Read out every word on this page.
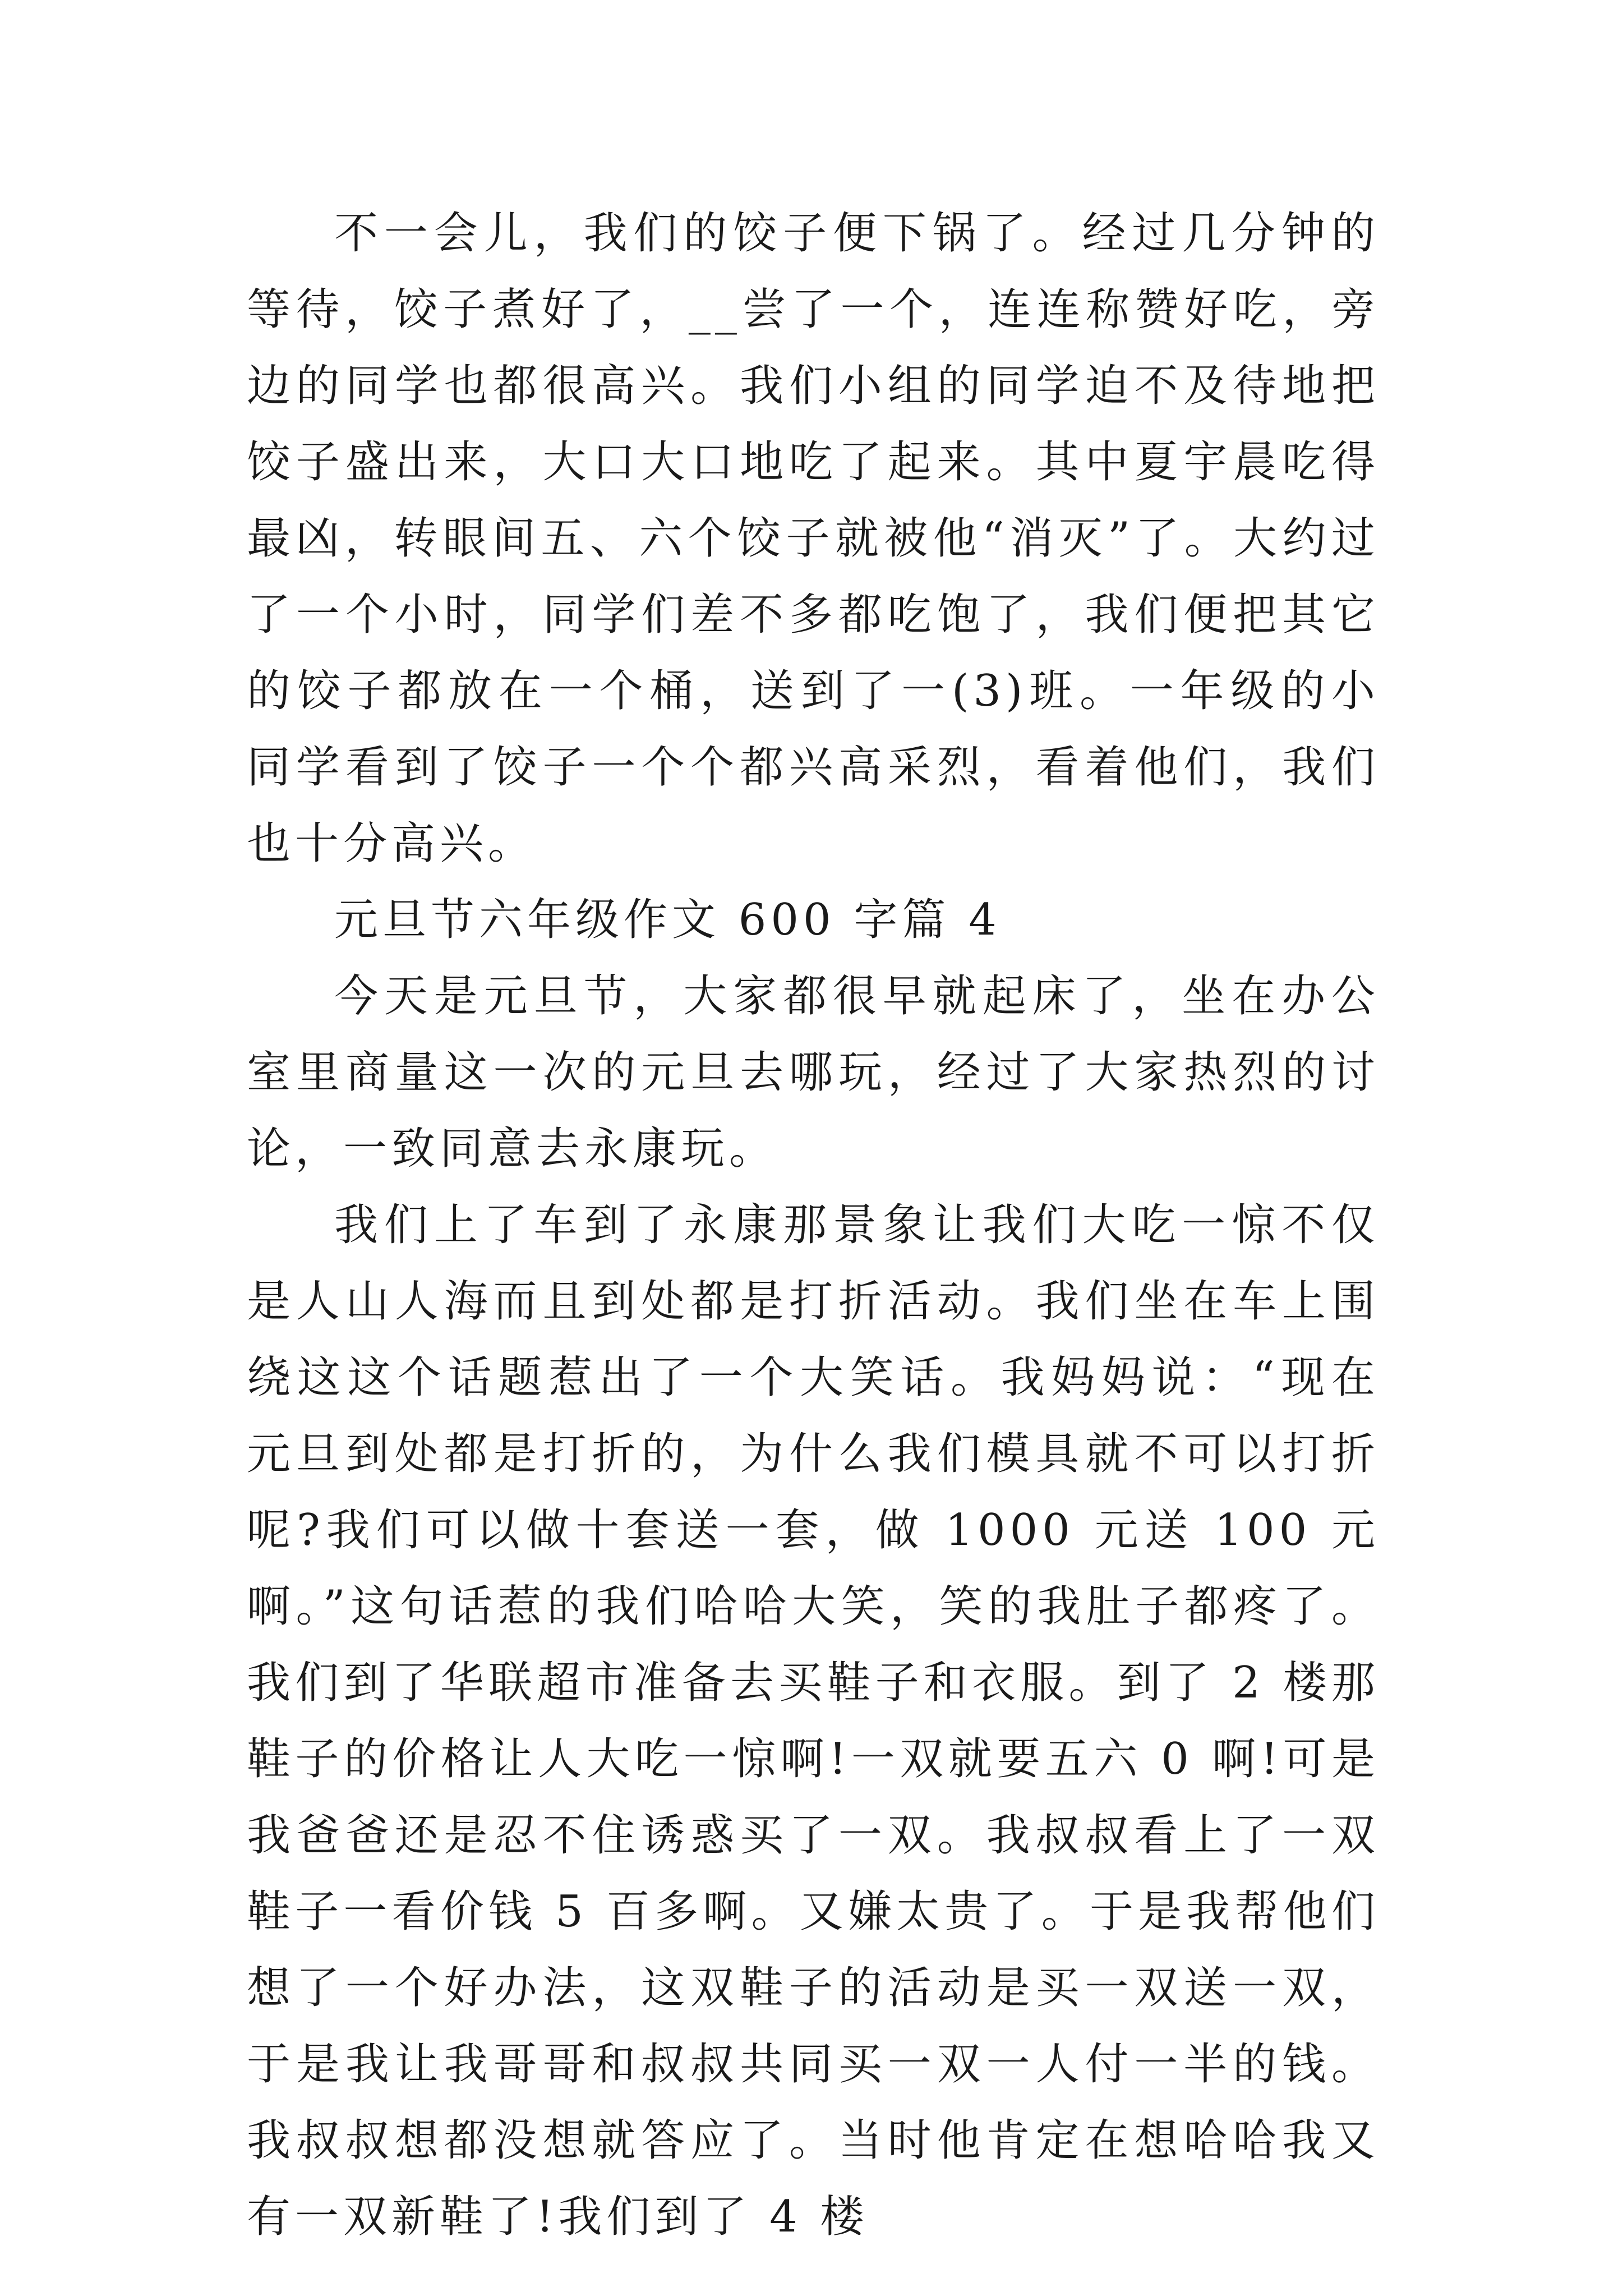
不一会儿，我们的饺子便下锅了。经过几分钟的等待，饺子煮好了，__尝了一个，连连称赞好吃，旁边的同学也都很高兴。我们小组的同学迫不及待地把饺子盛出来，大口大口地吃了起来。其中夏宇晨吃得最凶，转眼间五、六个饺子就被他“消灭”了。大约过了一个小时，同学们差不多都吃饱了，我们便把其它的饺子都放在一个桶，送到了一(3)班。一年级的小同学看到了饺子一个个都兴高采烈，看着他们，我们也十分高兴。

元旦节六年级作文 600 字篇 4

今天是元旦节，大家都很早就起床了，坐在办公室里商量这一次的元旦去哪玩，经过了大家热烈的讨论，一致同意去永康玩。

我们上了车到了永康那景象让我们大吃一惊不仅是人山人海而且到处都是打折活动。我们坐在车上围绕这这个话题惹出了一个大笑话。我妈妈说：“现在元旦到处都是打折的，为什么我们模具就不可以打折呢?我们可以做十套送一套，做 1000 元送 100 元啊。”这句话惹的我们哈哈大笑，笑的我肚子都疼了。我们到了华联超市准备去买鞋子和衣服。到了 2 楼那鞋子的价格让人大吃一惊啊!一双就要五六 0 啊!可是我爸爸还是忍不住诱惑买了一双。我叔叔看上了一双鞋子一看价钱 5 百多啊。又嫌太贵了。于是我帮他们想了一个好办法，这双鞋子的活动是买一双送一双，于是我让我哥哥和叔叔共同买一双一人付一半的钱。我叔叔想都没想就答应了。当时他肯定在想哈哈我又有一双新鞋了!我们到了 4 楼
